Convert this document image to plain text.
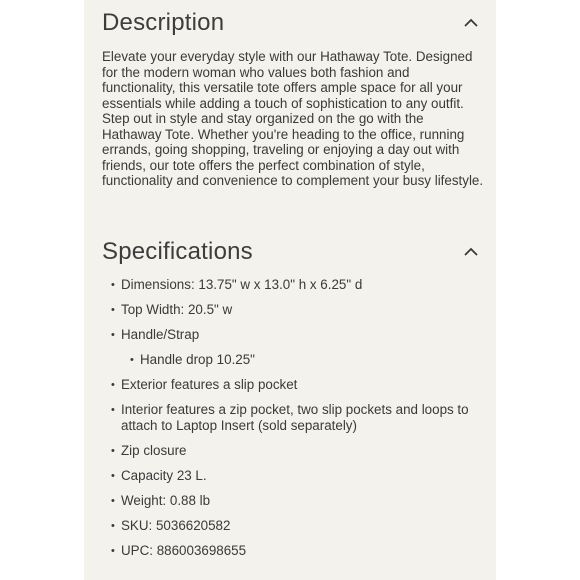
Description

Elevate your everyday style with our Hathaway Tote. Designed for the modern woman who values both fashion and functionality, this versatile tote offers ample space for all your essentials while adding a touch of sophistication to any outfit.

Step out in style and stay organized on the go with the Hathaway Tote. Whether you're heading to the office, running errands, going shopping, traveling or enjoying a day out with friends, our tote offers the perfect combination of style, functionality and convenience to complement your busy lifestyle.

Specifications
• Dimensions: 13.75" w x 13.0" h x 6.25" d
• Top Width: 20.5" w
• Handle/Strap
• Handle drop 10.25"
• Exterior features a slip pocket
• Interior features a zip pocket, two slip pockets and loops to attach to Laptop Insert (sold separately)
• Zip closure
• Capacity 23 L.
• Weight: 0.88 lb
• SKU: 5036620582
• UPC: 886003698655
